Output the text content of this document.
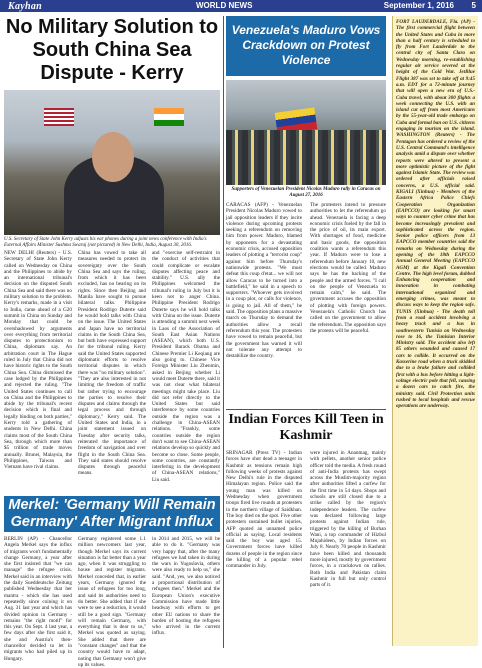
Kayhan	WORLD NEWS	September 1, 2016 5
No Military Solution to South China Sea Dispute - Kerry
U.S. Secretary of State John Kerry adjusts his ear phones during a joint news conference with India's External Affairs Minister Sushma Swaraj (not pictured) in New Delhi, India, August 30, 2016.
NEW DELHI (Reuters) - U.S. Secretary of State John Kerry called on Wednesday on China and the Philippines to abide by an international tribunal's decision on the disputed South China Sea and said there was no military solution to the problem. Kerry's remarks, made in a visit to India, came ahead of a G20 summit in China on Sunday and Monday that could be overshadowed by arguments over everything from territorial disputes to protectionism to China, diplomats say. An arbitration court in The Hague ruled in July that China did not have historic rights to the South China Sea. China dismissed the case lodged by the Philippines and rejected the ruling. "The United States continues to call on China and the Philippines to abide by the tribunal's recent decision which is final and legally binding on both parties," Kerry told a gathering of students in New Delhi. China claims most of the South China Sea, through which more than $5 trillion of trade moves annually. Brunei, Malaysia, the Philippines, Taiwan and Vietnam have rival claims.
China has vowed to take all measures needed to protect its sovereignty over the South China Sea and says the ruling, from which it has been excluded, has no bearing on its rights. Since then Beijing and Manila have sought to pursue bilateral talks. Philippine President Rodrigo Duterte said he would hold talks with China on the issue. The United States and Japan have no territorial claims in the South China Sea, but both have expressed support for the tribunal ruling. Kerry said the United States supported diplomatic efforts to resolve territorial disputes in which there was "no military solution". "They are also interested in not limiting the freedom of traffic but rather trying to encourage the parties to resolve their disputes and claims through the legal process and through diplomacy," Kerry said. The United States and India, in a joint statement issued on Tuesday after security talks, reiterated the importance of freedom of navigation and over flight in the South China Sea. They said states should resolve disputes through peaceful means.
and "exercise self-restraint in the conduct of activities that could complicate or escalate disputes affecting peace and stability." U.S. ally the Philippines welcomed the tribunal's ruling in July but it is keen not to anger China. Philippine President Rodrigo Duterte says he will hold talks with China on the issue. Duterte is attending a summit next week in Laos of the Association of South East Asian Nations (ASEAN), which both U.S. President Barack Obama and Chinese Premier Li Keqiang are also going to. Chinese Vice Foreign Minister Liu Zhenmin, asked in Beijing whether Li would meet Duterte there, said it was not clear what bilateral meetings might take place. Liu did not refer directly to the United States but said interference by some countries outside the region was a challenge in China-ASEAN relations. "Frankly, some countries outside the region don't want to see China-ASEAN relations develop so quickly and become so close. Some people, some countries, are constantly interfering in the development of China-ASEAN relations," Liu said.
Merkel: 'Germany Will Remain Germany' After Migrant Influx
BERLIN (AP) - Chancellor Angela Merkel says the influx of migrants won't fundamentally change Germany, a year after she first insisted that "we can manage" the refugee crisis. Merkel said in an interview with the daily Sueddeutsche Zeitung published Wednesday that her mantra - which she has used repeatedly since coining it on Aug. 31 last year and which has divided opinion in Germany - remains "the right motif" for this year. On Sept. 4 last year, a few days after she first said it, she and Austria's then-chancellor decided to let in migrants who had piled up in Hungary.
Germany registered some 1.1 million newcomers last year, though Merkel says its current situation is far better than a year ago, when it was struggling to house and register migrants. Merkel conceded that, in earlier years, Germany ignored the issue of refugees for too long, and said its authorities need to do better. She added that if she were to see a reduction, it would still be a good sign. "Germany will remain Germany, with everything that is dear to us," Merkel was quoted as saying. She added that there are "constant changes" and that the country would have to adapt, noting that Germany won't give up its values.
in 2014 and 2015, we will be able to do it. "Germany was very happy that, after the many refugees we had taken in during the wars in Yugoslavia, others were also ready to help us," she said. "And, yes, we also noticed a proportional distribution of refugees then." Merkel and the European Union's executive Commission have made little headway with efforts to get other EU nations to share the burden of hosting the refugees who arrived in the current influx.
Venezuela's Maduro Vows Crackdown on Protest Violence
Supporters of Venezuelan President Nicolas Maduro rally in Caracas on August 27, 2016
CARACAS (AFP) - Venezuelan President Nicolas Maduro vowed to jail opposition leaders if they incite violence during upcoming protests seeking a referendum on removing him from power. Maduro, blamed by opponents for a devastating economic crisis, accused opposition leaders of plotting a "terrorist coup" against him before Thursday's nationwide protests. "We must defeat this coup d'etat... we will not allow Caracas to be turned into a battlefield," he said in a speech to supporters. "Whoever gets involved in a coup plot, or calls for violence, is going to jail. All of them," he said. The opposition plans a massive march on Thursday to demand the authorities allow a recall referendum this year. The protesters have vowed to remain peaceful, but the government has warned it will not tolerate any attempt to destabilize the country.
The protesters intend to pressure authorities to let the referendum go ahead. Venezuela is facing a deep economic crisis fueled by the fall in the price of oil, its main export. With shortages of food, medicine and basic goods, the opposition coalition wants a referendum this year. If Maduro were to lose a referendum before January 10, new elections would be called. Maduro says he has the backing of the people and the armed forces. "I call on the people of Venezuela to remain calm," he said. The government accuses the opposition of plotting with foreign powers. Venezuela's Catholic Church has called on the government to allow the referendum. The opposition says the protests will be peaceful.
Indian Forces Kill Teen in Kashmir
SRINAGAR (Press TV) - Indian forces have shot dead a teenager in Kashmir as tensions remain high following weeks of protests against New Delhi's rule in the disputed Himalayan region. Police said the young man was killed on Wednesday when government troops fired live rounds at protesters in the northern village of Saidkhan. The boy died on the spot. Five other protesters sustained bullet injuries, AFP quoted an unnamed police official as saying. Local residents said the boy was aged 15. Government forces have killed dozens of people in the region since the killing of a popular rebel commander in July.
were injured in Anantnag, mainly with pellets, another senior police officer told the media. A fresh round of anti-India protests has swept across the Muslim-majority region after authorities lifted a curfew for the first time in 54 days. Shops and schools are still closed due to a strike called by the region's independence leaders. The curfew was declared following large protests against Indian rule, triggered by the killing of Burhan Wani, a top commander of Hizbul Mujahideen, by Indian forces on July 8. Nearly 70 people in Kashmir have been killed and thousands more injured, mostly by government forces, in a crackdown on rallies. Both India and Pakistan claim Kashmir in full but only control parts of it.
FORT LAUDERDALE, Fla. (AP) - The first commercial flight between the United States and Cuba in more than a half century is scheduled to fly from Fort Lauderdale to the central city of Santa Clara on Wednesday morning, re-establishing regular air service severed at the height of the Cold War. JetBlue Flight 387 was set to take off at 9:45 a.m. EDT for a 72-minute journey that will open a new era of U.S.-Cuba travel, with about 300 flights a week connecting the U.S. with an island cut off from most Americans by the 55-year-old trade embargo on Cuba and formal ban on U.S. citizens engaging in tourism on the island. WASHINGTON (Reuters) - The Pentagon has ordered a review of the U.S. Central Command's intelligence analysis amid a dispute over whether reports were altered to present a more optimistic picture of the fight against Islamic State. The review was ordered after officials raised concerns, a U.S. official said. KIGALI (Xinhua) - Members of the Eastern Africa Police Chiefs Cooperation Organization (EAPCCO) are looking for smart ways to counter cyber crime that has become increasingly prevalent and sophisticated across the region. Senior police officers from 13 EAPCCO member countries said the remarks on Wednesday during the opening of the 18th EAPCCO Annual General Meeting (EAPCCO AGM) at the Kigali Convention Centre. The high level forum, dubbed Enhancing cooperation and innovation in combating international organized and emerging crimes, was meant to discuss ways to keep the region safe. TUNIS (Xinhua) - The death toll from a road accident involving a heavy truck and a bus in southwestern Tunisia on Wednesday rose to 16, the Tunisian Interior Ministry said. The accident also left 85 others wounded and caused 17 cars to collide. It occurred on the Kasserine road when a truck skidded due to a brake failure and collided first with a bus before hitting a light-voltage electric pole that fell, causing a dozen cars to catch fire, the ministry said. Civil Protection units rushed to local hospitals and rescue operations are underway.
